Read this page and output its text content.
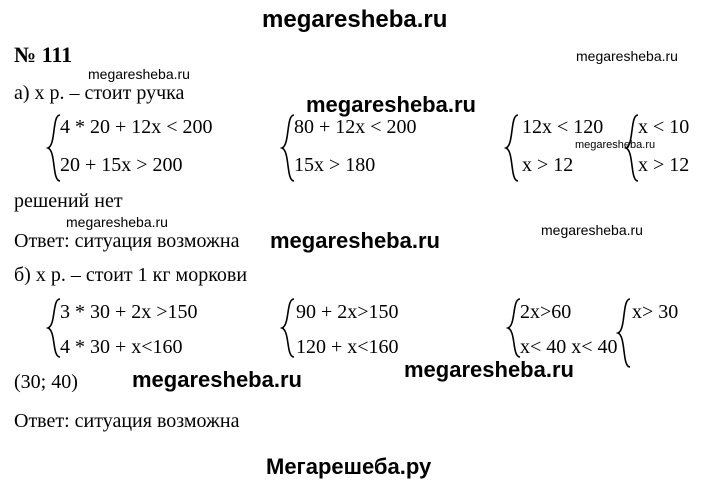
megaresheba.ru
№ 111	megaresheba.ru
megaresheba.ru
megaresheba.ru
megaresheba.ru
megaresheba.ru	megaresheba.ru
megaresheba.ru
megaresheba.ru	megaresheba.ru
а) х р. – стоит ручка
4 * 20 + 12x < 200
20 + 15x > 200
80 + 12x < 200
15x > 180
12x < 120
x > 12
x < 10
x > 12
решений нет
Ответ: ситуация возможна
б) х р. – стоит 1 кг моркови
3 * 30 + 2x >150
4 * 30 + x<160
90 + 2x>150
120 + x<160
2x>60
x< 40 x< 40
x> 30
(30; 40)
Ответ: ситуация возможна
Мегарешеба.ру
